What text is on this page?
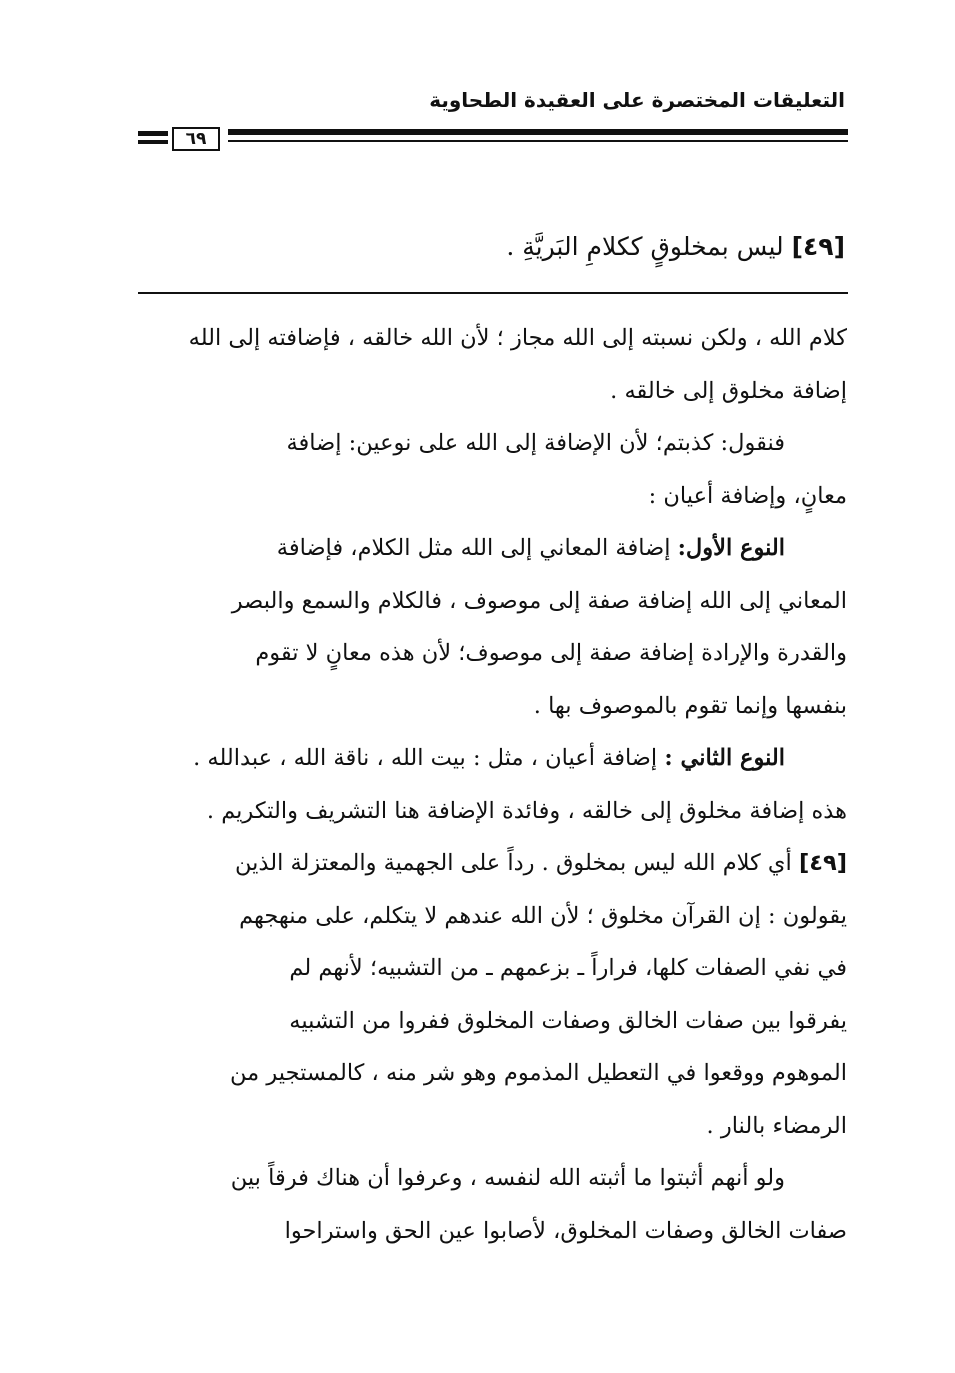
التعليقات المختصرة على العقيدة الطحاوية
٦٩
[٤٩] ليس بمخلوقٍ ككلامِ البَريَّةِ .
كلام الله ، ولكن نسبته إلى الله مجاز ؛ لأن الله خالقه ، فإضافته إلى الله
إضافة مخلوق إلى خالقه .
فنقول: كذبتم؛ لأن الإضافة إلى الله على نوعين: إضافة
معانٍ، وإضافة أعيان :
النوع الأول: إضافة المعاني إلى الله مثل الكلام، فإضافة
المعاني إلى الله إضافة صفة إلى موصوف ، فالكلام والسمع والبصر
والقدرة والإرادة إضافة صفة إلى موصوف؛ لأن هذه معانٍ لا تقوم
بنفسها وإنما تقوم بالموصوف بها .
النوع الثاني : إضافة أعيان ، مثل : بيت الله ، ناقة الله ، عبدالله .
هذه إضافة مخلوق إلى خالقه ، وفائدة الإضافة هنا التشريف والتكريم .
[٤٩] أي كلام الله ليس بمخلوق . رداً على الجهمية والمعتزلة الذين
يقولون : إن القرآن مخلوق ؛ لأن الله عندهم لا يتكلم، على منهجهم
في نفي الصفات كلها، فراراً ـ بزعمهم ـ من التشبيه؛ لأنهم لم
يفرقوا بين صفات الخالق وصفات المخلوق ففروا من التشبيه
الموهوم ووقعوا في التعطيل المذموم وهو شر منه ، كالمستجير من
الرمضاء بالنار .
ولو أنهم أثبتوا ما أثبته الله لنفسه ، وعرفوا أن هناك فرقاً بين
صفات الخالق وصفات المخلوق، لأصابوا عين الحق واستراحوا
